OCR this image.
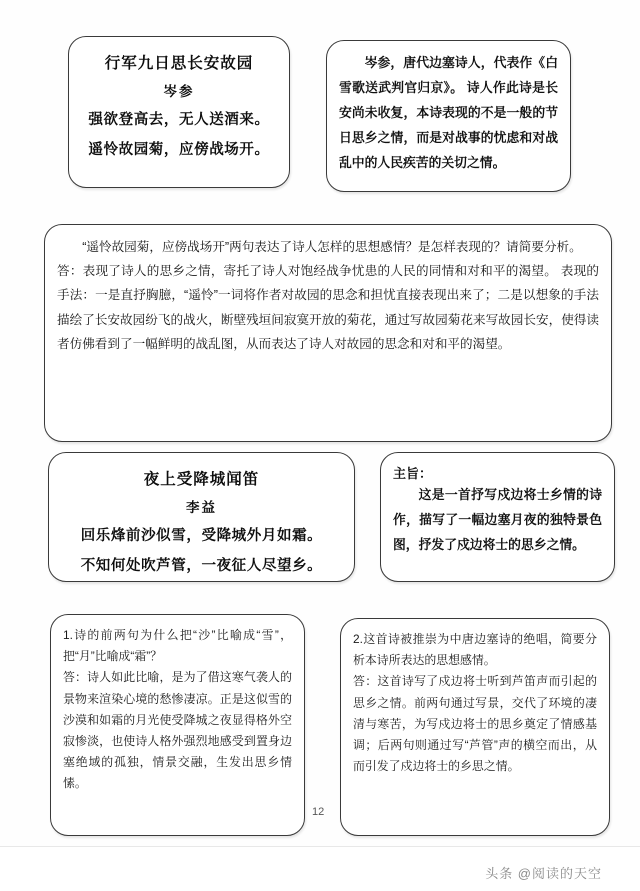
行军九日思长安故园
岑参
强欲登高去，无人送酒来。
遥怜故园菊，应傍战场开。

岑参，唐代边塞诗人，代表作《白雪歌送武判官归京》。 诗人作此诗是长安尚未收复，本诗表现的不是一般的节日思乡之情，而是对战事的忧虑和对战乱中的人民疾苦的关切之情。

“遥怜故园菊，应傍战场开”两句表达了诗人怎样的思想感情？是怎样表现的？请简要分析。

答：表现了诗人的思乡之情，寄托了诗人对饱经战争忧患的人民的同情和对和平的渴望。 表现的手法：一是直抒胸臆，“遥怜”一词将作者对故园的思念和担忧直接表现出来了；二是以想象的手法描绘了长安故园纷飞的战火，断壁残垣间寂寞开放的菊花，通过写故园菊花来写故园长安，使得读者仿佛看到了一幅鲜明的战乱图，从而表达了诗人对故园的思念和对和平的渴望。

夜上受降城闻笛
李益
回乐烽前沙似雪，受降城外月如霜。
不知何处吹芦管，一夜征人尽望乡。
主旨：

这是一首抒写戍边将士乡情的诗作，描写了一幅边塞月夜的独特景色图，抒发了戍边将士的思乡之情。

1.诗的前两句为什么把“沙”比喻成“雪”，把“月”比喻成“霜”？

答：诗人如此比喻，是为了借这寒气袭人的景物来渲染心境的愁惨凄凉。正是这似雪的沙漠和如霜的月光使受降城之夜显得格外空寂惨淡，也使诗人格外强烈地感受到置身边塞绝域的孤独，情景交融，生发出思乡情愫。

2.这首诗被推崇为中唐边塞诗的绝唱，简要分析本诗所表达的思想感情。

答：这首诗写了戍边将士听到芦笛声而引起的思乡之情。前两句通过写景，交代了环境的凄清与寒苦，为写戍边将士的思乡奠定了情感基调；后两句则通过写“芦管”声的横空而出，从而引发了戍边将士的乡思之情。

12
头条 @阅读的天空
